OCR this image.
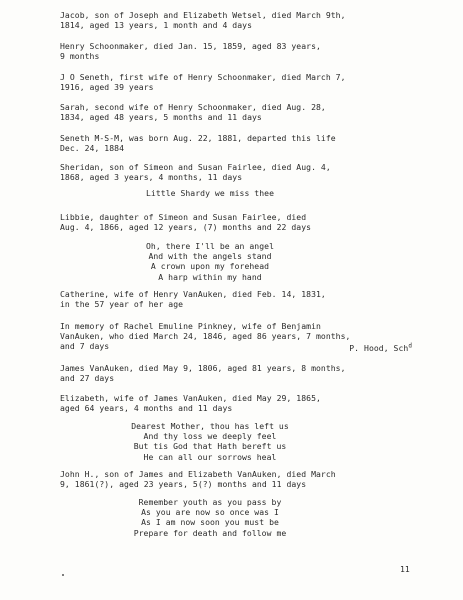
Jacob, son of Joseph and Elizabeth Wetsel, died March 9th,
1814, aged 13 years, 1 month and 4 days
Henry Schoonmaker, died Jan. 15, 1859, aged 83 years,
9 months
J O Seneth, first wife of Henry Schoonmaker, died March 7,
1916, aged 39 years
Sarah, second wife of Henry Schoonmaker, died Aug. 28,
1834, aged 48 years, 5 months and 11 days
Seneth M-S-M, was born Aug. 22, 1881, departed this life
Dec. 24, 1884
Sheridan, son of Simeon and Susan Fairlee, died Aug. 4,
1868, aged 3 years, 4 months, 11 days
Little Shardy we miss thee
Libbie, daughter of Simeon and Susan Fairlee, died
Aug. 4, 1866, aged 12 years, (7) months and 22 days
Oh, there I'll be an angel
And with the angels stand
A crown upon my forehead
A harp within my hand
Catherine, wife of Henry VanAuken, died Feb. 14, 1831,
in the 57 year of her age
In memory of Rachel Emuline Pinkney, wife of Benjamin
VanAuken, who died March 24, 1846, aged 86 years, 7 months,
and 7 days	P. Hood, Sch$^d$
James VanAuken, died May 9, 1806, aged 81 years, 8 months,
and 27 days
Elizabeth, wife of James VanAuken, died May 29, 1865,
aged 64 years, 4 months and 11 days
Dearest Mother, thou has left us
And thy loss we deeply feel
But tis God that Hath bereft us
He can all our sorrows heal
John H., son of James and Elizabeth VanAuken, died March
9, 1861(?), aged 23 years, 5(?) months and 11 days
Remember youth as you pass by
As you are now so once was I
As I am now soon you must be
Prepare for death and follow me
11
